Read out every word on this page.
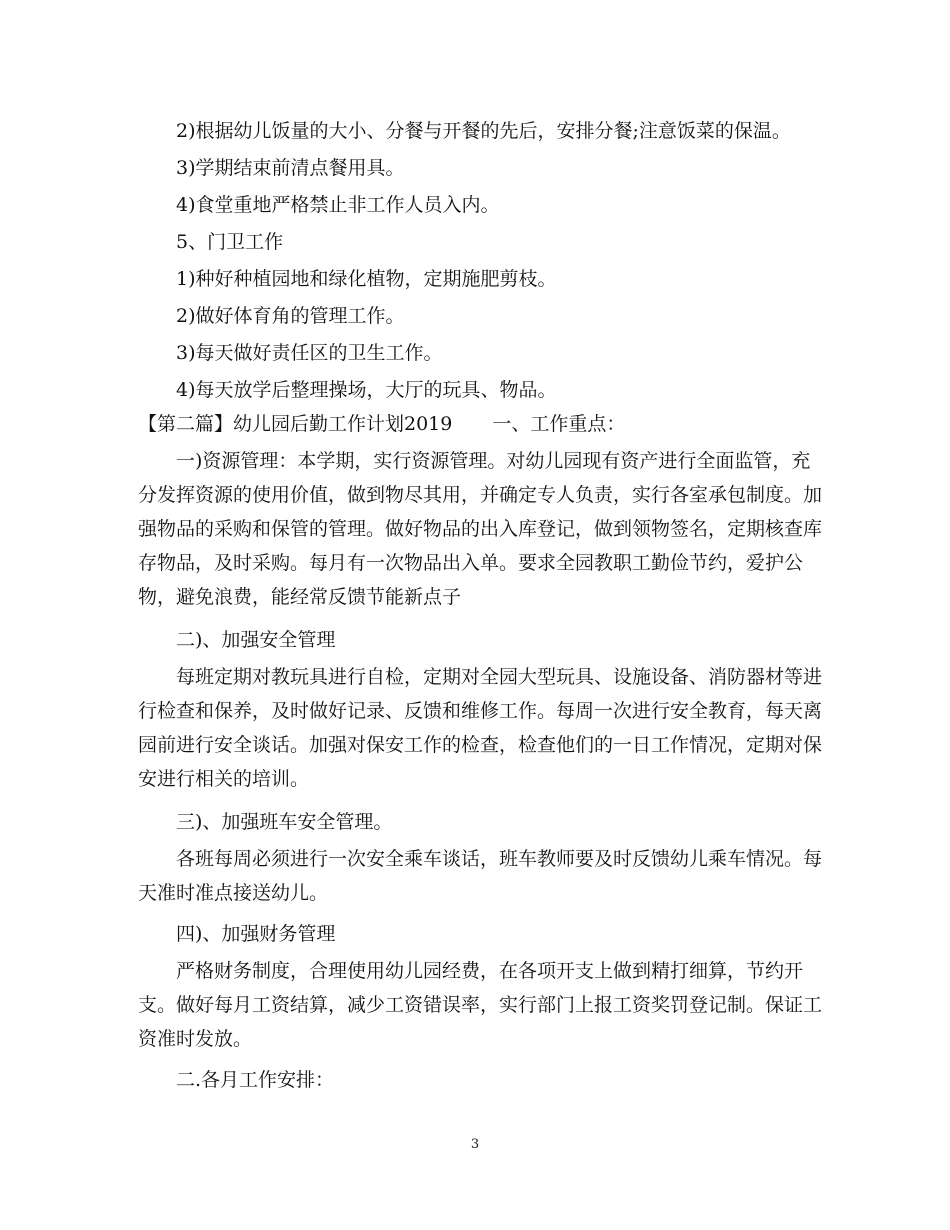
2)根据幼儿饭量的大小、分餐与开餐的先后，安排分餐;注意饭菜的保温。
3)学期结束前清点餐用具。
4)食堂重地严格禁止非工作人员入内。
5、门卫工作
1)种好种植园地和绿化植物，定期施肥剪枝。
2)做好体育角的管理工作。
3)每天做好责任区的卫生工作。
4)每天放学后整理操场，大厅的玩具、物品。
【第二篇】幼儿园后勤工作计划2019 一、工作重点：
一)资源管理：本学期，实行资源管理。对幼儿园现有资产进行全面监管，充
分发挥资源的使用价值，做到物尽其用，并确定专人负责，实行各室承包制度。加
强物品的采购和保管的管理。做好物品的出入库登记，做到领物签名，定期核查库
存物品，及时采购。每月有一次物品出入单。要求全园教职工勤俭节约，爱护公
物，避免浪费，能经常反馈节能新点子
二)、加强安全管理
每班定期对教玩具进行自检，定期对全园大型玩具、设施设备、消防器材等进
行检查和保养，及时做好记录、反馈和维修工作。每周一次进行安全教育，每天离
园前进行安全谈话。加强对保安工作的检查，检查他们的一日工作情况，定期对保
安进行相关的培训。
三)、加强班车安全管理。
各班每周必须进行一次安全乘车谈话，班车教师要及时反馈幼儿乘车情况。每
天准时准点接送幼儿。
四)、加强财务管理
严格财务制度，合理使用幼儿园经费，在各项开支上做到精打细算，节约开
支。做好每月工资结算，减少工资错误率，实行部门上报工资奖罚登记制。保证工
资准时发放。
二.各月工作安排：
3
